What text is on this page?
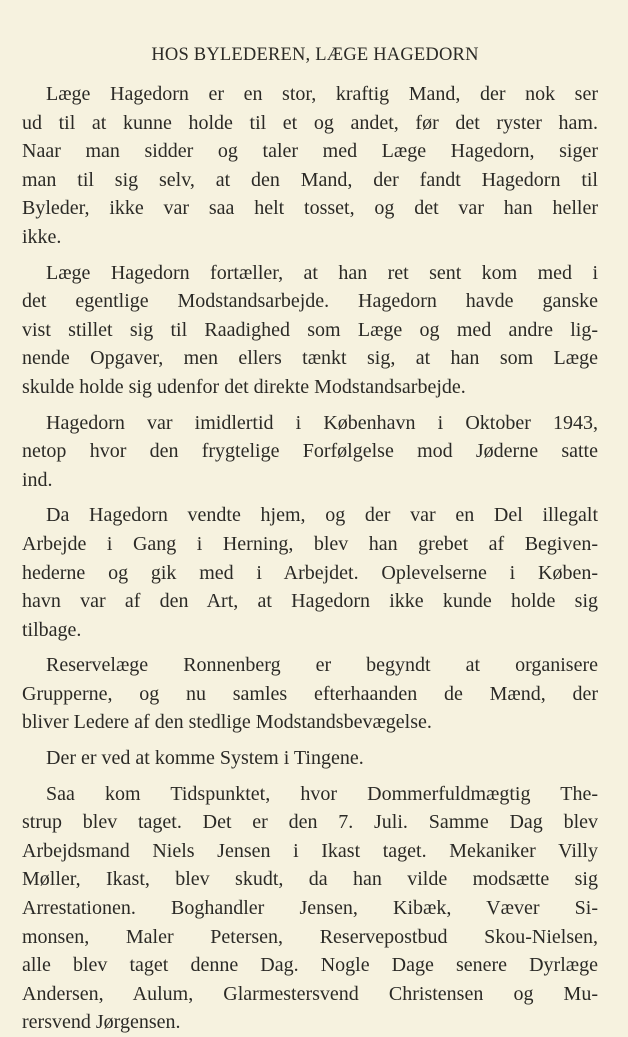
HOS BYLEDEREN, LÆGE HAGEDORN
Læge Hagedorn er en stor, kraftig Mand, der nok ser
ud til at kunne holde til et og andet, før det ryster ham.
Naar man sidder og taler med Læge Hagedorn, siger
man til sig selv, at den Mand, der fandt Hagedorn til
Byleder, ikke var saa helt tosset, og det var han heller
ikke.
Læge Hagedorn fortæller, at han ret sent kom med i
det egentlige Modstandsarbejde. Hagedorn havde ganske
vist stillet sig til Raadighed som Læge og med andre lig-
nende Opgaver, men ellers tænkt sig, at han som Læge
skulde holde sig udenfor det direkte Modstandsarbejde.
Hagedorn var imidlertid i København i Oktober 1943,
netop hvor den frygtelige Forfølgelse mod Jøderne satte
ind.
Da Hagedorn vendte hjem, og der var en Del illegalt
Arbejde i Gang i Herning, blev han grebet af Begiven-
hederne og gik med i Arbejdet. Oplevelserne i Køben-
havn var af den Art, at Hagedorn ikke kunde holde sig
tilbage.
Reservelæge Ronnenberg er begyndt at organisere
Grupperne, og nu samles efterhaanden de Mænd, der
bliver Ledere af den stedlige Modstandsbevægelse.
Der er ved at komme System i Tingene.
Saa kom Tidspunktet, hvor Dommerfuldmægtig The-
strup blev taget. Det er den 7. Juli. Samme Dag blev
Arbejdsmand Niels Jensen i Ikast taget. Mekaniker Villy
Møller, Ikast, blev skudt, da han vilde modsætte sig
Arrestationen. Boghandler Jensen, Kibæk, Væver Si-
monsen, Maler Petersen, Reservepostbud Skou-Nielsen,
alle blev taget denne Dag. Nogle Dage senere Dyrlæge
Andersen, Aulum, Glarmestersvend Christensen og Mu-
rersvend Jørgensen.
